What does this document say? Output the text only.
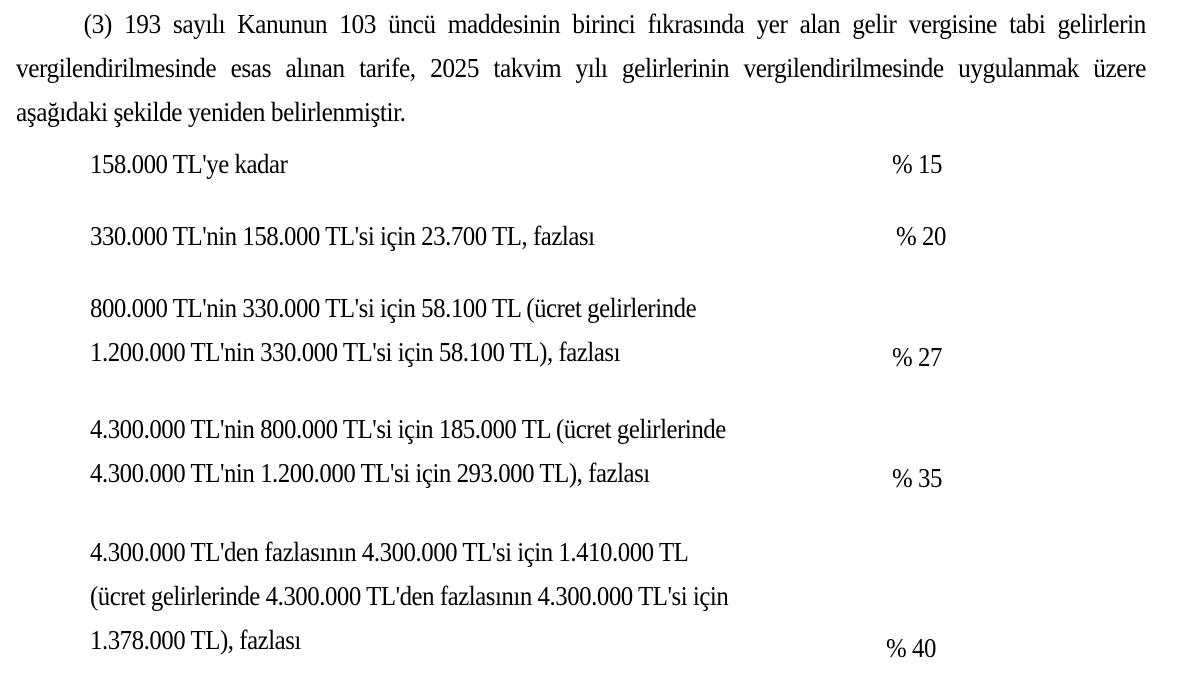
(3) 193 sayılı Kanunun 103 üncü maddesinin birinci fıkrasında yer alan gelir vergisine tabi gelirlerin vergilendirilmesinde esas alınan tarife, 2025 takvim yılı gelirlerinin vergilendirilmesinde uygulanmak üzere aşağıdaki şekilde yeniden belirlenmiştir.

158.000 TL'ye kadar	% 15
330.000 TL'nin 158.000 TL'si için 23.700 TL, fazlası	% 20
800.000 TL'nin 330.000 TL'si için 58.100 TL (ücret gelirlerinde
1.200.000 TL'nin 330.000 TL'si için 58.100 TL), fazlası	% 27
4.300.000 TL'nin 800.000 TL'si için 185.000 TL (ücret gelirlerinde
4.300.000 TL'nin 1.200.000 TL'si için 293.000 TL), fazlası	% 35
4.300.000 TL'den fazlasının 4.300.000 TL'si için 1.410.000 TL
(ücret gelirlerinde 4.300.000 TL'den fazlasının 4.300.000 TL'si için
1.378.000 TL), fazlası	% 40
